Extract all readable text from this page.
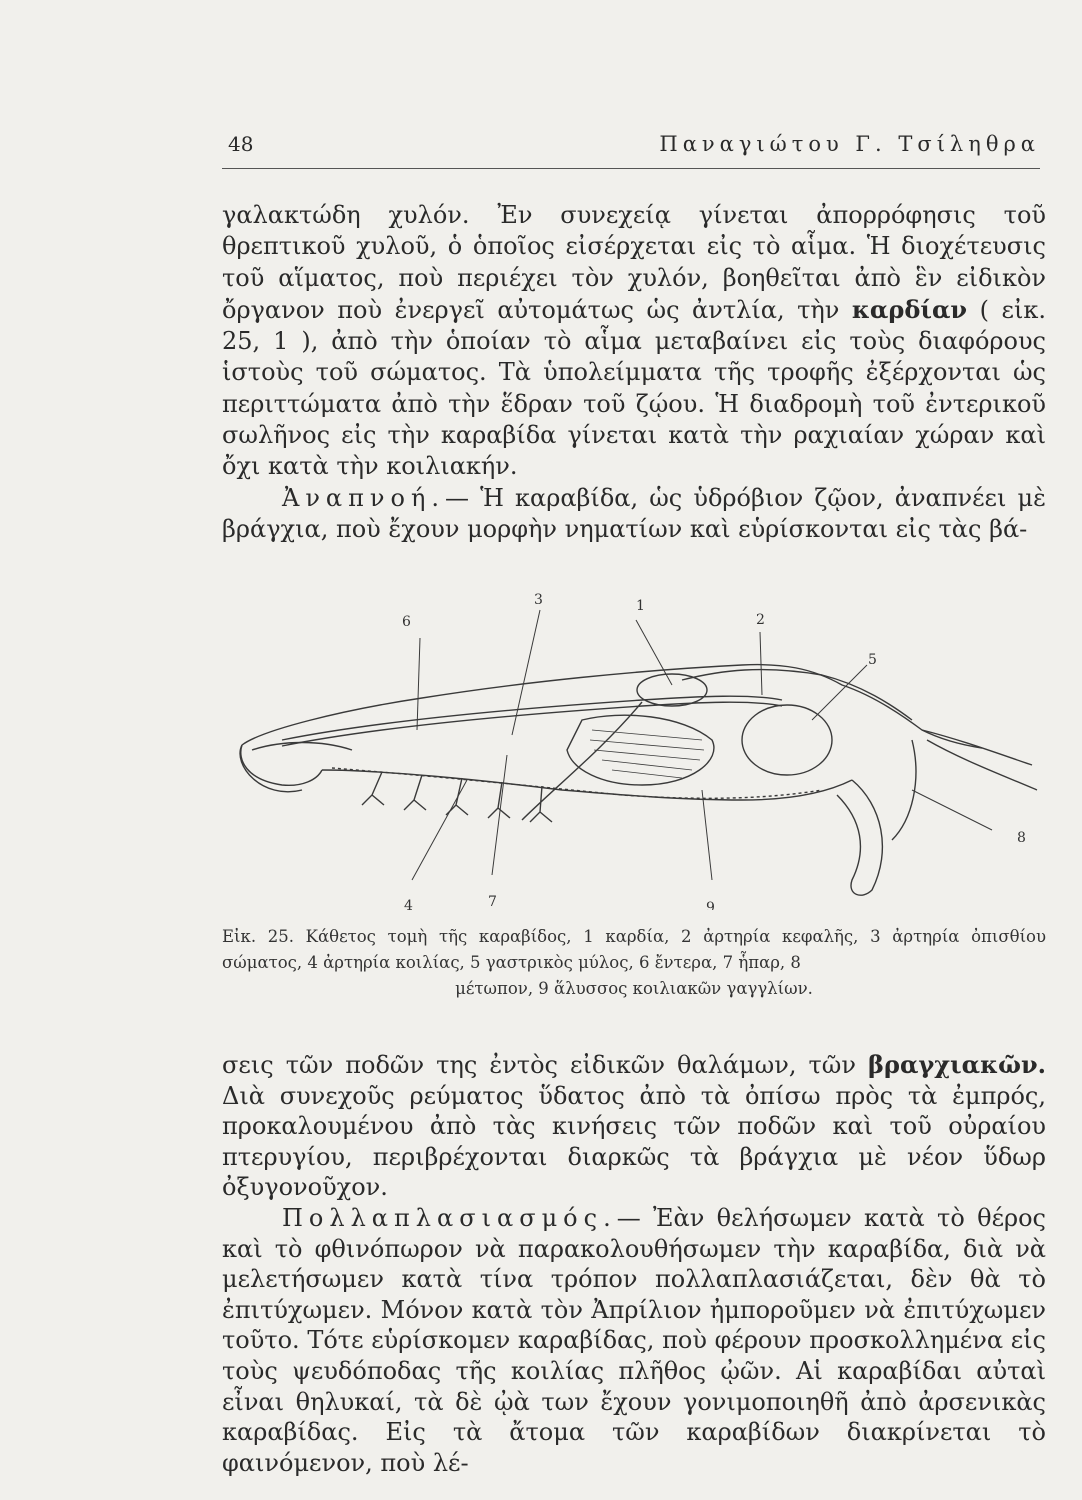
48	Παναγιώτου Γ. Τσίληθρα

γαλακτώδη χυλόν. Ἐν συνεχείᾳ γίνεται ἀπορρόφησις τοῦ θρεπτικοῦ χυλοῦ, ὁ ὁποῖος εἰσέρχεται εἰς τὸ αἷμα. Ἡ διοχέτευσις τοῦ αἵματος, ποὺ περιέχει τὸν χυλόν, βοηθεῖται ἀπὸ ἓν εἰδικὸν ὄργανον ποὺ ἐνεργεῖ αὐτομάτως ὡς ἀντλία, τὴν καρδίαν ( εἰκ. 25, 1 ), ἀπὸ τὴν ὁποίαν τὸ αἷμα μεταβαίνει εἰς τοὺς διαφόρους ἱστοὺς τοῦ σώματος. Τὰ ὑπολείμματα τῆς τροφῆς ἐξέρχονται ὡς περιττώματα ἀπὸ τὴν ἕδραν τοῦ ζῴου. Ἡ διαδρομὴ τοῦ ἐντερικοῦ σωλῆνος εἰς τὴν καραβίδα γίνεται κατὰ τὴν ραχιαίαν χώραν καὶ ὄχι κατὰ τὴν κοιλιακήν.

Ἀναπνοή.— Ἡ καραβίδα, ὡς ὑδρόβιον ζῷον, ἀναπνέει μὲ βράγχια, ποὺ ἔχουν μορφὴν νηματίων καὶ εὑρίσκονται εἰς τὰς βά-

1
2
3
4
5
6
7
8
9
Εἰκ. 25. Κάθετος τομὴ τῆς καραβίδος, 1 καρδία, 2 ἀρτηρία κεφαλῆς, 3 ἀρτηρία ὀπισθίου σώματος, 4 ἀρτηρία κοιλίας, 5 γαστρικὸς μύλος, 6 ἔντερα, 7 ἧπαρ, 8
μέτωπον, 9 ἅλυσσος κοιλιακῶν γαγγλίων.

σεις τῶν ποδῶν της ἐντὸς εἰδικῶν θαλάμων, τῶν βραγχιακῶν. Διὰ συνεχοῦς ρεύματος ὕδατος ἀπὸ τὰ ὀπίσω πρὸς τὰ ἐμπρός, προκαλουμένου ἀπὸ τὰς κινήσεις τῶν ποδῶν καὶ τοῦ οὐραίου πτερυγίου, περιβρέχονται διαρκῶς τὰ βράγχια μὲ νέον ὕδωρ ὀξυγονοῦχον.

Πολλαπλασιασμός.— Ἐὰν θελήσωμεν κατὰ τὸ θέρος καὶ τὸ φθινόπωρον νὰ παρακολουθήσωμεν τὴν καραβίδα, διὰ νὰ μελετήσωμεν κατὰ τίνα τρόπον πολλαπλασιάζεται, δὲν θὰ τὸ ἐπιτύχωμεν. Μόνον κατὰ τὸν Ἀπρίλιον ἠμποροῦμεν νὰ ἐπιτύχωμεν τοῦτο. Τότε εὑρίσκομεν καραβίδας, ποὺ φέρουν προσκολλημένα εἰς τοὺς ψευδόποδας τῆς κοιλίας πλῆθος ᾠῶν. Αἱ καραβίδαι αὐταὶ εἶναι θηλυκαί, τὰ δὲ ᾠὰ των ἔχουν γονιμοποιηθῆ ἀπὸ ἀρσενικὰς καραβίδας. Εἰς τὰ ἄτομα τῶν καραβίδων διακρίνεται τὸ φαινόμενον, ποὺ λέ-
